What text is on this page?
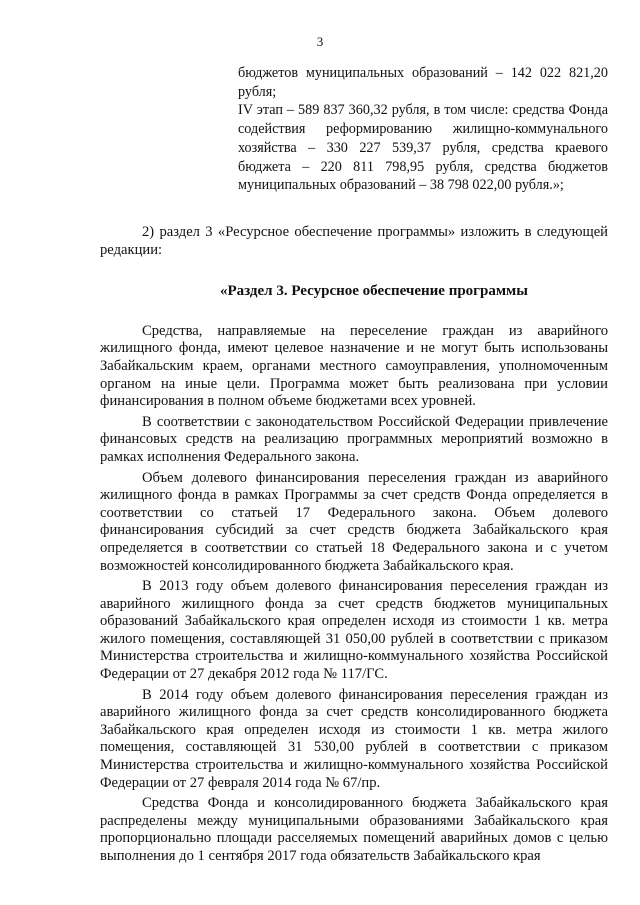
3

бюджетов муниципальных образований – 142 022 821,20 рубля;

IV этап – 589 837 360,32 рубля, в том числе: средства Фонда содействия реформированию жилищно-коммунального хозяйства – 330 227 539,37 рубля, средства краевого бюджета – 220 811 798,95 рубля, средства бюджетов муниципальных образований – 38 798 022,00 рубля.»;

2) раздел 3 «Ресурсное обеспечение программы» изложить в следующей редакции:

«Раздел 3. Ресурсное обеспечение программы

Средства, направляемые на переселение граждан из аварийного жилищного фонда, имеют целевое назначение и не могут быть использованы Забайкальским краем, органами местного самоуправления, уполномоченным органом на иные цели. Программа может быть реализована при условии финансирования в полном объеме бюджетами всех уровней.

В соответствии с законодательством Российской Федерации привлечение финансовых средств на реализацию программных мероприятий возможно в рамках исполнения Федерального закона.

Объем долевого финансирования переселения граждан из аварийного жилищного фонда в рамках Программы за счет средств Фонда определяется в соответствии со статьей 17 Федерального закона. Объем долевого финансирования субсидий за счет средств бюджета Забайкальского края определяется в соответствии со статьей 18 Федерального закона и с учетом возможностей консолидированного бюджета Забайкальского края.

В 2013 году объем долевого финансирования переселения граждан из аварийного жилищного фонда за счет средств бюджетов муниципальных образований Забайкальского края определен исходя из стоимости 1 кв. метра жилого помещения, составляющей 31 050,00 рублей в соответствии с приказом Министерства строительства и жилищно-коммунального хозяйства Российской Федерации от 27 декабря 2012 года № 117/ГС.

В 2014 году объем долевого финансирования переселения граждан из аварийного жилищного фонда за счет средств консолидированного бюджета Забайкальского края определен исходя из стоимости 1 кв. метра жилого помещения, составляющей 31 530,00 рублей в соответствии с приказом Министерства строительства и жилищно-коммунального хозяйства Российской Федерации от 27 февраля 2014 года № 67/пр.

Средства Фонда и консолидированного бюджета Забайкальского края распределены между муниципальными образованиями Забайкальского края пропорционально площади расселяемых помещений аварийных домов с целью выполнения до 1 сентября 2017 года обязательств Забайкальского края
